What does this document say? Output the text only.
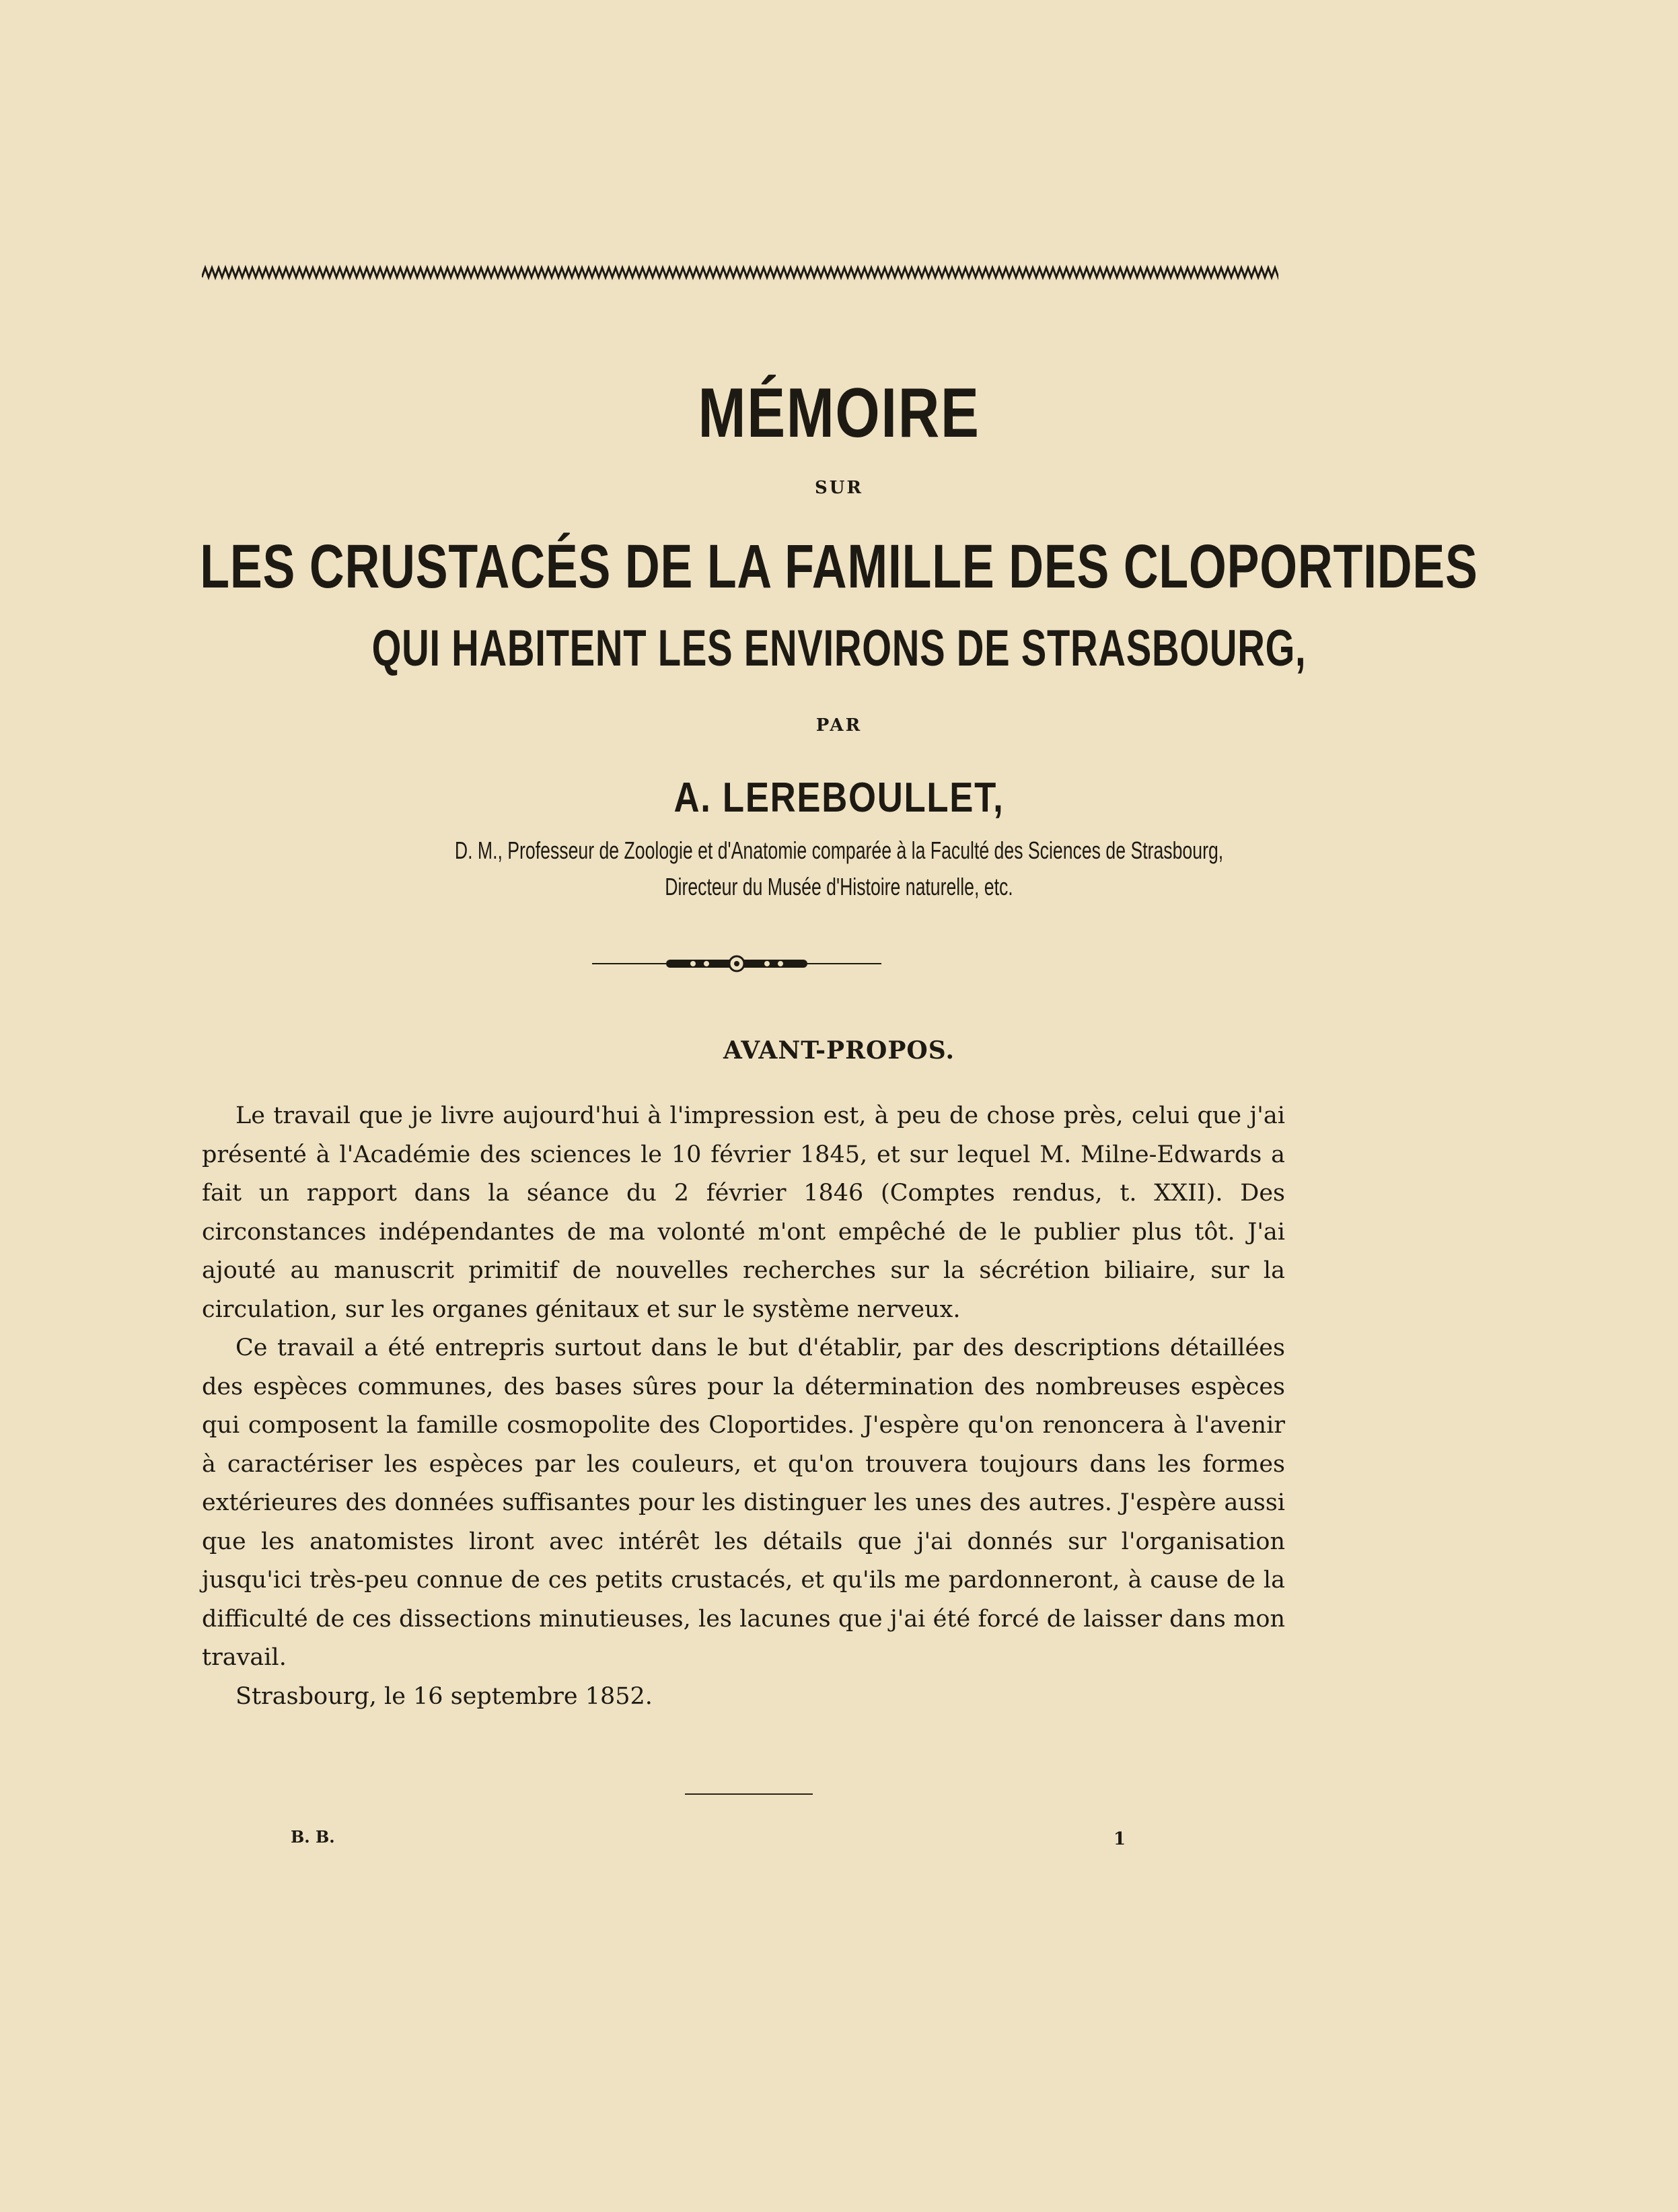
MÉMOIRE
SUR
LES CRUSTACÉS DE LA FAMILLE DES CLOPORTIDES
QUI HABITENT LES ENVIRONS DE STRASBOURG,
PAR
A. LEREBOULLET,
D. M., Professeur de Zoologie et d'Anatomie comparée à la Faculté des Sciences de Strasbourg,
Directeur du Musée d'Histoire naturelle, etc.
AVANT-PROPOS.

Le travail que je livre aujourd'hui à l'impression est, à peu de chose près, celui que j'ai présenté à l'Académie des sciences le 10 février 1845, et sur lequel M. Milne-Edwards a fait un rapport dans la séance du 2 février 1846 (Comptes rendus, t. XXII). Des circonstances indépendantes de ma volonté m'ont empêché de le publier plus tôt. J'ai ajouté au manuscrit primitif de nouvelles recherches sur la sécrétion biliaire, sur la circulation, sur les organes génitaux et sur le système nerveux.

Ce travail a été entrepris surtout dans le but d'établir, par des descriptions détaillées des espèces communes, des bases sûres pour la détermination des nombreuses espèces qui composent la famille cosmopolite des Cloportides. J'espère qu'on renoncera à l'avenir à caractériser les espèces par les couleurs, et qu'on trouvera toujours dans les formes extérieures des données suffisantes pour les distinguer les unes des autres. J'espère aussi que les anatomistes liront avec intérêt les détails que j'ai donnés sur l'organisation jusqu'ici très-peu connue de ces petits crustacés, et qu'ils me pardonneront, à cause de la difficulté de ces dissections minutieuses, les lacunes que j'ai été forcé de laisser dans mon travail.

Strasbourg, le 16 septembre 1852.

B. B.	1
